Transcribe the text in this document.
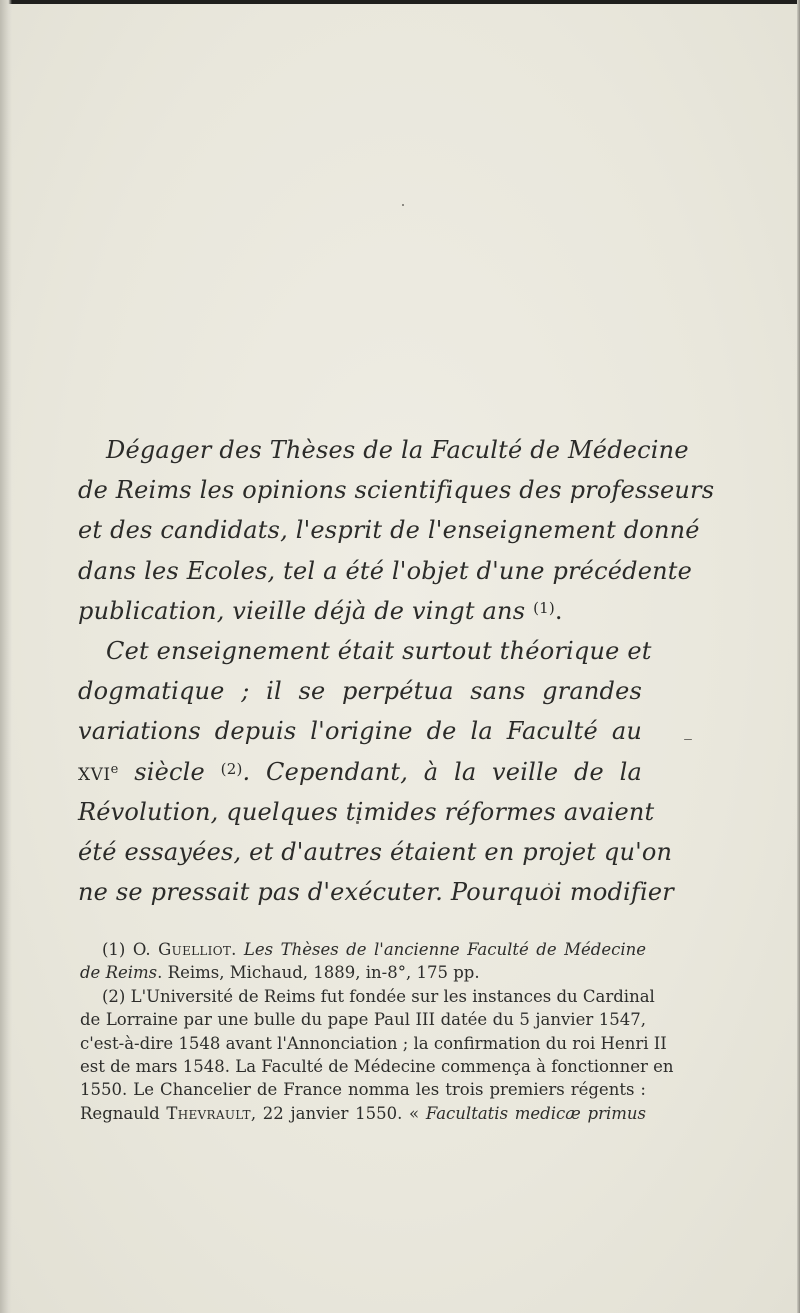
Dégager des Thèses de la Faculté de Médecine
de Reims les opinions scientifiques des professeurs
et des candidats, l'esprit de l'enseignement donné
dans les Ecoles, tel a été l'objet d'une précédente
publication, vieille déjà de vingt ans $^{(1)}$.
Cet enseignement était surtout théorique et
dogmatique ; il se perpétua sans grandes
variations depuis l'origine de la Faculté au
xvi$^e$ siècle $^{(2)}$. Cependant, à la veille de la
Révolution, quelques timides réformes avaient
été essayées, et d'autres étaient en projet qu'on
ne se pressait pas d'exécuter. Pourquoi modifier
(1) O. Guelliot. Les Thèses de l'ancienne Faculté de Médecine
de Reims. Reims, Michaud, 1889, in-8°, 175 pp.
(2) L'Université de Reims fut fondée sur les instances du Cardinal
de Lorraine par une bulle du pape Paul III datée du 5 janvier 1547,
c'est-à-dire 1548 avant l'Annonciation ; la confirmation du roi Henri II
est de mars 1548. La Faculté de Médecine commença à fonctionner en
1550. Le Chancelier de France nomma les trois premiers régents :
Regnauld Thevrault, 22 janvier 1550. « Facultatis medicæ primus
